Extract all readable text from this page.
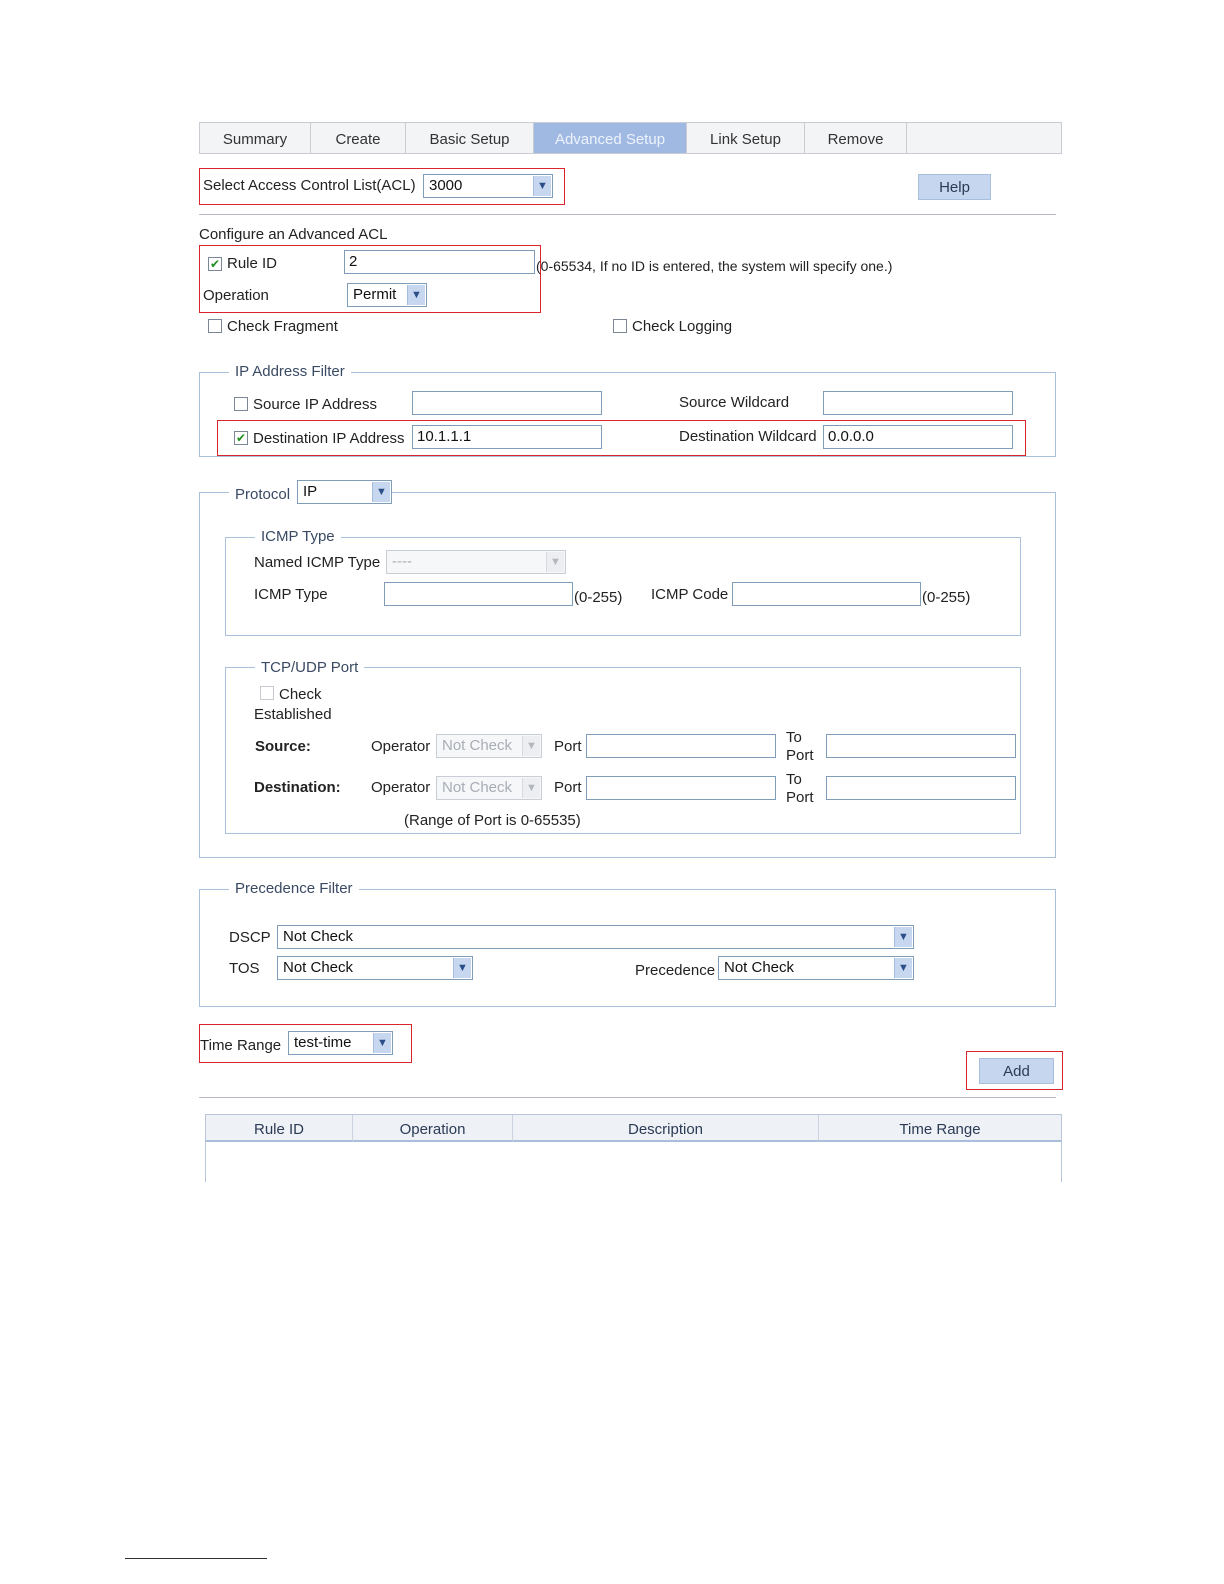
Summary	Create	Basic Setup	Advanced Setup	Link Setup	Remove
Select Access Control List(ACL) 3000	▼	Help
Configure an Advanced ACL
✔ Rule ID	2	(0-65534, If no ID is entered, the system will specify one.)
Operation	Permit	▼
Check Fragment	Check Logging
IP Address Filter
Source IP Address	Source Wildcard
✔ Destination IP Address 10.1.1.1	Destination Wildcard 0.0.0.0
Protocol IP	▼
ICMP Type
Named ICMP Type ----	▼
ICMP Type	(0-255) ICMP Code	(0-255)
TCP/UDP Port
Check
Established
Source:	Operator Not Check	▼ Port
To
Port
Destination: Operator Not Check	▼ Port	To
Port
(Range of Port is 0-65535)
Precedence Filter
DSCP Not Check	▼
TOS	Not Check	▼	Precedence Not Check	▼
Time Range test-time	▼
Add
Rule ID	Operation	Description	Time Range
